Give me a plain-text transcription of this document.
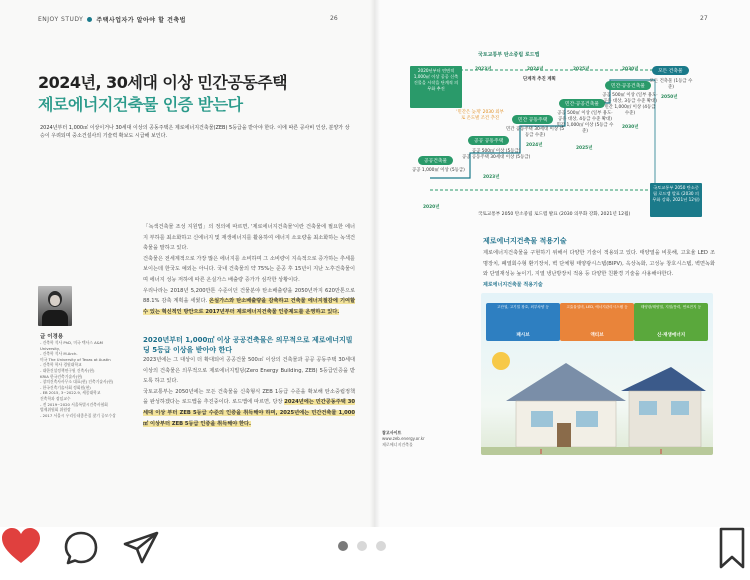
ENJOY STUDY 주택사업자가 알아야 할 건축법	26
2024년, 30세대 이상 민간공동주택
제로에너지건축물 인증 받는다
2024년부터 1,000㎡ 이상이거나 30세대 이상의 공동주택은 제로에너지건축물(ZEB) 5등급을 받아야 한다. 이에 따른 공사비 인상, 분양가 상승이 우려되며 중소건설사의 기술력 확보도 시급해 보인다.
글 이경용
- 건축학 석사 PhD, 미국 텍사스 A&M
University,
- 건축학 석사 M.Arch.
미국 The University of Texas at Austin
- 건축학 학사 경원대학교
- 대한건설정책연구원 건축사(현)
KRIA 한국건축기술사(현)
- 창의건축사사무소 대표(현) 건축기술사(현)
- 한국건축기술사회 정회원(현)
- EB 2015, 3~2022.9, 세종대학교
건축학과 겸임교수
- 전 2019~2020 서울특별시건축사협회
법제위원회 위원장
- 2017 서울시 우리동네좋은집 찾기 공모수상

「녹색건축물 조성 지원법」의 정의에 따르면, '제로에너지건축물'이란 건축물에 필요한 에너지 부하를 최소화하고 신에너지 및 재생에너지를 활용하여 에너지 소요량을 최소화하는 녹색건축물을 말하고 있다.

건축물은 전세계적으로 가장 많은 에너지를 소비하며 그 소비량이 지속적으로 증가하는 추세를 보이는데 한국도 예외는 아니다. 국내 건축물의 약 75%는 준공 후 15년이 지난 노후건축물이며 에너지 성능 저하에 따른 온실가스 배출량 증가가 심각한 상황이다.

우리나라는 2018년 5,200만톤 수준이던 건물분야 탄소배출량을 2050년까지 620만톤으로 88.1% 감축 계획을 세웠다. 온실가스와 탄소배출량을 감축하고 건축물 에너지절감에 기여할 수 있는 혁신적인 방안으로 2017년부터 제로에너지건축물 인증제도를 운영하고 있다.

2020년부터 1,000㎡ 이상 공공건축물은 의무적으로 제로에너지빌딩 5등급 이상을 받아야 한다

2023년에는 그 대상이 더 확대되어 공공건물 500㎡ 이상의 건축물과 공공 공동주택 30세대이상의 건축물은 의무적으로 제로에너지빌딩(Zero Energy Building, ZEB) 5등급인증을 받도록 하고 있다.

국토교통부는 2050년에는 모든 건축물을 신축형식 ZEB 1등급 수준을 확보해 탄소중립정책을 완성하겠다는 로드맵을 추진중이다. 로드맵에 따르면, 당장 2024년에는 민간공동주택 30세대 이상 부터 ZEB 5등급 수준의 인증을 취득해야 하며, 2025년에는 민간건축물 1,000㎡ 이상부터 ZEB 5등급 인증을 취득해야 한다.

27
국토교통부 탄소중립 로드맵
2023년	2024년	2025년	2030년
단계적 추진 계획
2020년부터 연면적 1,000㎡ 이상 공공 신축 건물을 시작을 단계적 의무화 추진
공공건축물
공공 1,000㎡ 이상 (5등급)
공공 공동주택
공공 500㎡ 이상 (5등급)
공공 공동주택 30세대 이상 (5등급)
2023년
'민간은 늦게' 2030 외부로 온도별 조건 추진	민간 공동주택
민간 공동주택 30세대 이상 (5등급 수준)
2024년
민간·공공건축물
공공 500㎡ 이상 (일부 용도·공유 대상, 4등급 수준 확대) 민간 1,000㎡ 이상 (5등급 수준)
2025년
민간·공공건축물
공공 500㎡ 이상 (일부 용도·공유 대상, 3등급 수준 확대) 민간 1,000㎡ 이상 (4등급 수준)
2030년
모든 건축물
모든 건축물 (1등급 수준)
2050년
국토교통부 2050 탄소중립 로드맵 발표 (2030 의무화 강화, 2021년 12월)
2020년
국토교통부 2050 탄소중립 로드맵 발표 (2030 의무화 강화, 2021년 12월)
제로에너지건축물 적용기술

제로에너지건축물을 구현하기 위해서 다양한 기술이 적용되고 있다. 태양열을 비롯해, 고효율 LED 조명장치, 폐열회수형 환기장치, 벽 단체형 태양광시스템(BIPV), 옥상녹화, 고성능 창호시스템, 벽면녹화와 단열재성능 높이기, 지열 냉난방장치 적용 등 다양한 친환경 기술을 사용해야한다.

제로에너지건축물 적용기술
고단열, 고기밀 창호, 외부차양 등
패시브
고효율설비, LED, 에너지관리시스템 등
액티브
태양광/태양열, 지열/풍력, 연료전지 등
신·재생에너지
참고사이트
www.zeb.energy.or.kr
제로에너지건축물
